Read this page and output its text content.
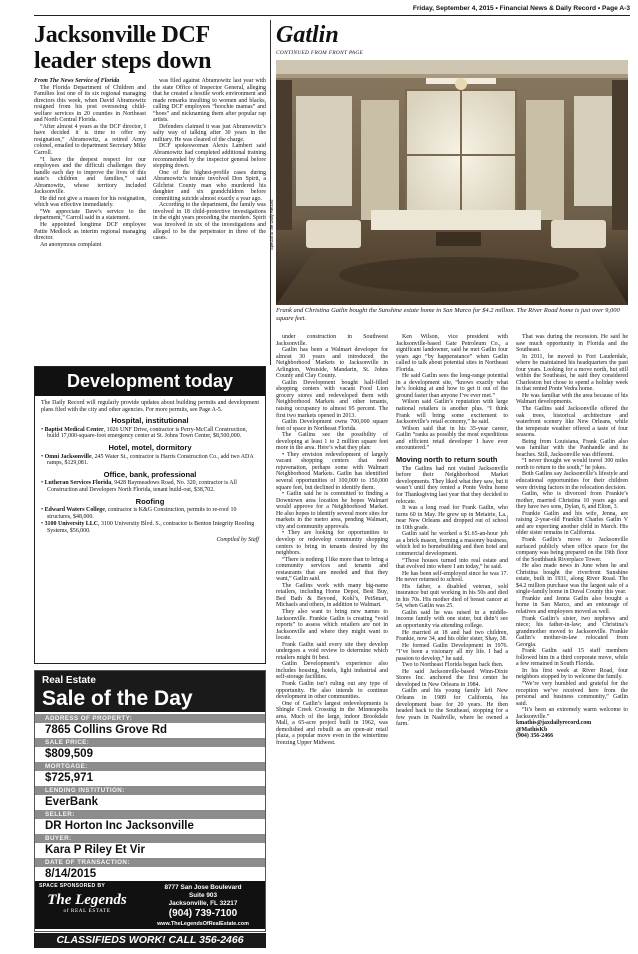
Friday, September 4, 2015 • Financial News & Daily Record • Page A-3
Jacksonville DCF leader steps down

From The News Service of Florida

The Florida Department of Children and Families lost one of its six regional managing directors this week, when David Abramowitz resigned from his post overseeing child-welfare services in 20 counties in Northeast and North Central Florida.

“After almost 4 years as the DCF director, I have decided it is time to offer my resignation,” Abramowitz, a retired Army colonel, emailed to department Secretary Mike Carroll.

“I have the deepest respect for our employees and the difficult challenges they handle each day to improve the lives of this state’s children and families,” said Abramowitz, whose territory included Jacksonville.

He did not give a reason for his resignation, which was effective immediately.

“We appreciate Dave’s service to the department,” Carroll said in a statement.

He appointed longtime DCF employee Pattie Medlock as interim regional managing director.

An anonymous complaint

was filed against Abramowitz last year with the state Office of Inspector General, alleging that he created a hostile work environment and made remarks insulting to women and blacks, calling DCF employees “hoochie mamas” and “hoes” and nicknaming them after popular rap artists.

Defenders claimed it was just Abramowitz’s salty way of talking after 30 years in the military. He was cleared of the charge.

DCF spokeswoman Alexis Lambert said Abramowitz had completed additional training recommended by the inspector general before stepping down.

One of the highest-profile cases during Abramowitz’s tenure involved Don Spirit, a Gilchrist County man who murdered his daughter and six grandchildren before committing suicide almost exactly a year ago.

According to the department, the family was involved in 18 child-protective investigations in the eight years preceding the murders. Spirit was involved in six of the investigations and alleged to be the perpetrator in three of the cases.

Gatlin
CONTINUED FROM FRONT PAGE
Special to the Daily Record
Frank and Christina Gatlin bought the Sunshine estate home in San Marco for $4.2 million. The River Road home is just over 9,000 square feet.

under construction in Southwest Jacksonville.

Gatlin has been a Walmart developer for almost 30 years and introduced the Neighborhood Markets to Jacksonville in Arlington, Westside, Mandarin, St. Johns County and Clay County.

Gatlin Development bought half-filled shopping centers with vacant Food Lion grocery stores and redeveloped them with Neighborhood Markets and other tenants, raising occupancy to almost 95 percent. The first two markets opened in 2013.

Gatlin Development owns 700,000 square feet of space in Northeast Florida.

The Gatlins see the possibility of developing at least 1 to 2 million square feet more in the area. Here’s what they plan:

• They envision redevelopment of largely vacant shopping centers that need rejuvenation, perhaps some with Walmart Neighborhood Markets. Gatlin has identified several opportunities of 100,000 to 150,000 square feet, but declined to identify them.

• Gatlin said he is committed to finding a Downtown area location he hopes Walmart would approve for a Neighborhood Market. He also hopes to identify several more sites for markets in the metro area, pending Walmart, city and community approvals.

• They are looking for opportunities to develop or redevelop community shopping centers to bring in tenants desired by the neighbors.

“There is nothing I like more than to bring a community services and tenants and restaurants that are needed and that they want,” Gatlin said.

The Gatlins work with many big-name retailers, including Home Depot, Best Buy, Bed Bath & Beyond, Kohl’s, PetSmart, Michaels and others, in addition to Walmart.

They also want to bring new names to Jacksonville. Frankie Gatlin is creating “void reports” to assess which retailers are not in Jacksonville and where they might want to locate.

Frank Gatlin said every site they develop undergoes a void review to determine which retailers might fit best.

Gatlin Development’s experience also includes housing, hotels, light industrial and self-storage facilities.

Frank Gatlin isn’t ruling out any type of opportunity. He also intends to continue development in other communities.

One of Gatlin’s largest redevelopments is Shingle Creek Crossing in the Minneapolis area. Much of the large, indoor Brookdale Mall, a 65-acre project built in 1962, was demolished and rebuilt as an open-air retail plaza, a popular move even in the wintertime freezing Upper Midwest.

Ken Wilson, vice president with Jacksonville-based Gate Petroleum Co., a significant landowner, said he met Gatlin four years ago “by happenstance” when Gatlin called to talk about potential sites in Northeast Florida.

He said Gatlin sees the long-range potential in a development site, “knows exactly what he’s looking at and how to get it out of the ground faster than anyone I’ve ever met.”

Wilson said Gatlin’s reputation with large national retailers is another plus. “I think Frank will bring some excitement to Jacksonville’s retail economy,” he said.

Wilson said that in his 35-year career, Gatlin “ranks as possibly the most expeditious and efficient retail developer I have ever encountered.”

Moving north to return south

The Gatlins had not visited Jacksonville before their Neighborhood Market developments. They liked what they saw, but it wasn’t until they rented a Ponte Vedra home for Thanksgiving last year that they decided to relocate.

It was a long road for Frank Gatlin, who turns 60 in May. He grew up in Metairie, La., near New Orleans and dropped out of school in 10th grade.

Gatlin said he worked a $1.65-an-hour job as a brick mason, forming a masonry business, which led to homebuilding and then hotel and commercial development.

“Those houses turned into real estate and that evolved into where I am today,” he said.

He has been self-employed since he was 17. He never returned to school.

His father, a disabled veteran, sold insurance but quit working in his 50s and died in his 70s. His mother died of breast cancer at 54, when Gatlin was 25.

Gatlin said he was raised in a middle-income family with one sister, but didn’t see an opportunity via attending college.

He married at 18 and had two children, Frankie, now 34, and his older sister, Shay, 38.

He formed Gatlin Development in 1976. “I’ve been a visionary all my life. I had a passion to develop,” he said.

Two to Northeast Florida began back then.

He said Jacksonville-based Winn-Dixie Stores Inc. anchored the first center he developed in New Orleans in 1984.

Gatlin and his young family left New Orleans in 1989 for California, his development base for 20 years. He then headed back to the Southeast, stopping for a few years in Nashville, where he owned a farm.

That was during the recession. He said he saw much opportunity in Florida and the Southeast.

In 2011, he moved to Fort Lauderdale, where he maintained his headquarters the past four years. Looking for a move north, but still within the Southeast, he said they considered Charleston but chose to spend a holiday week in that rented Ponte Vedra home.

He was familiar with the area because of his Walmart developments.

The Gatlins said Jacksonville offered the oak trees, historical architecture and waterfront scenery like New Orleans, while the temperate weather offered a taste of four seasons.

Being from Louisiana, Frank Gatlin also was familiar with the Panhandle and its beaches. Still, Jacksonville was different.

“I never thought we would travel 300 miles north to return to the south,” he jokes.

Both Gatlins say Jacksonville’s lifestyle and educational opportunities for their children were driving factors in the relocation decision.

Gatlin, who is divorced from Frankie’s mother, married Christina 10 years ago and they have two sons, Dylan, 6, and Elton, 3.

Frankie Gatlin and his wife, Jenna, are raising 2-year-old Franklin Charles Gatlin V and are expecting another child in March. His older sister remains in California.

Frank Gatlin’s move to Jacksonville surfaced publicly when office space for the company was being prepared on the 19th floor of the Southbank Riverplace Tower.

He also made news in June when he and Christina bought the riverfront Sunshine estate, built in 1931, along River Road. The $4.2 million purchase was the largest sale of a single-family home in Duval County this year.

Frankie and Jenna Gatlin also bought a home in San Marco, and an entourage of relatives and employees moved as well.

Frank Gatlin’s sister, two nephews and niece; his father-in-law; and Christina’s grandmother moved to Jacksonville. Frankie Gatlin’s mother-in-law relocated from Georgia.

Frank Gatlin said 15 staff members followed him in a third corporate move, while a few remained in South Florida.

In his first week at River Road, four neighbors stopped by to welcome the family.

“We’re very humbled and grateful for the reception we’ve received here from the personal and business community,” Gatlin said.

“It’s been an extremely warm welcome to Jacksonville.”

kmathis@jaxdailyrecord.com

@MathisKb

(904) 356-2466

Development today

The Daily Record will regularly provide updates about building permits and development plans filed with the city and other agencies. For more permits, see Page A-5.

Hospital, institutional
• Baptist Medical Center, 1026 UNF Drive, contractor is Perry-McCall Construction, build 17,000-square-foot emergency center at St. Johns Town Center, $8,500,000.
Hotel, motel, dormitory
• Omni Jacksonville, 245 Water St., contractor is Harris Construction Co., add two ADA ramps, $129,081.
Office, bank, professional
• Lutheran Services Florida, 9428 Baymeadows Road, No. 320, contractor is All Construction and Developers North Florida, tenant build-out, $38,702.
Roofing
• Edward Waters College, contractor is K&G Construction, permits to re-roof 10 structures, $48,000.
• 3100 University LLC, 3100 University Blvd. S., contractor is Benton Integrity Roofing Systems, $56,000.
Compiled by Staff
Real Estate
Sale of the Day
ADDRESS OF PROPERTY:
7865 Collins Grove Rd
SALE PRICE:
$809,509
MORTGAGE:
$725,971
LENDING INSTITUTION:
EverBank
SELLER:
DR Horton Inc Jacksonville
BUYER:
Kara P Riley Et Vir
DATE OF TRANSACTION:
8/14/2015
SPACE SPONSORED BY
The Legends
of REAL ESTATE
8777 San Jose Boulevard
Suite 903
Jacksonville, FL 32217
(904) 739-7100
www.TheLegendsOfRealEstate.com
CLASSIFIEDS WORK! CALL 356-2466
